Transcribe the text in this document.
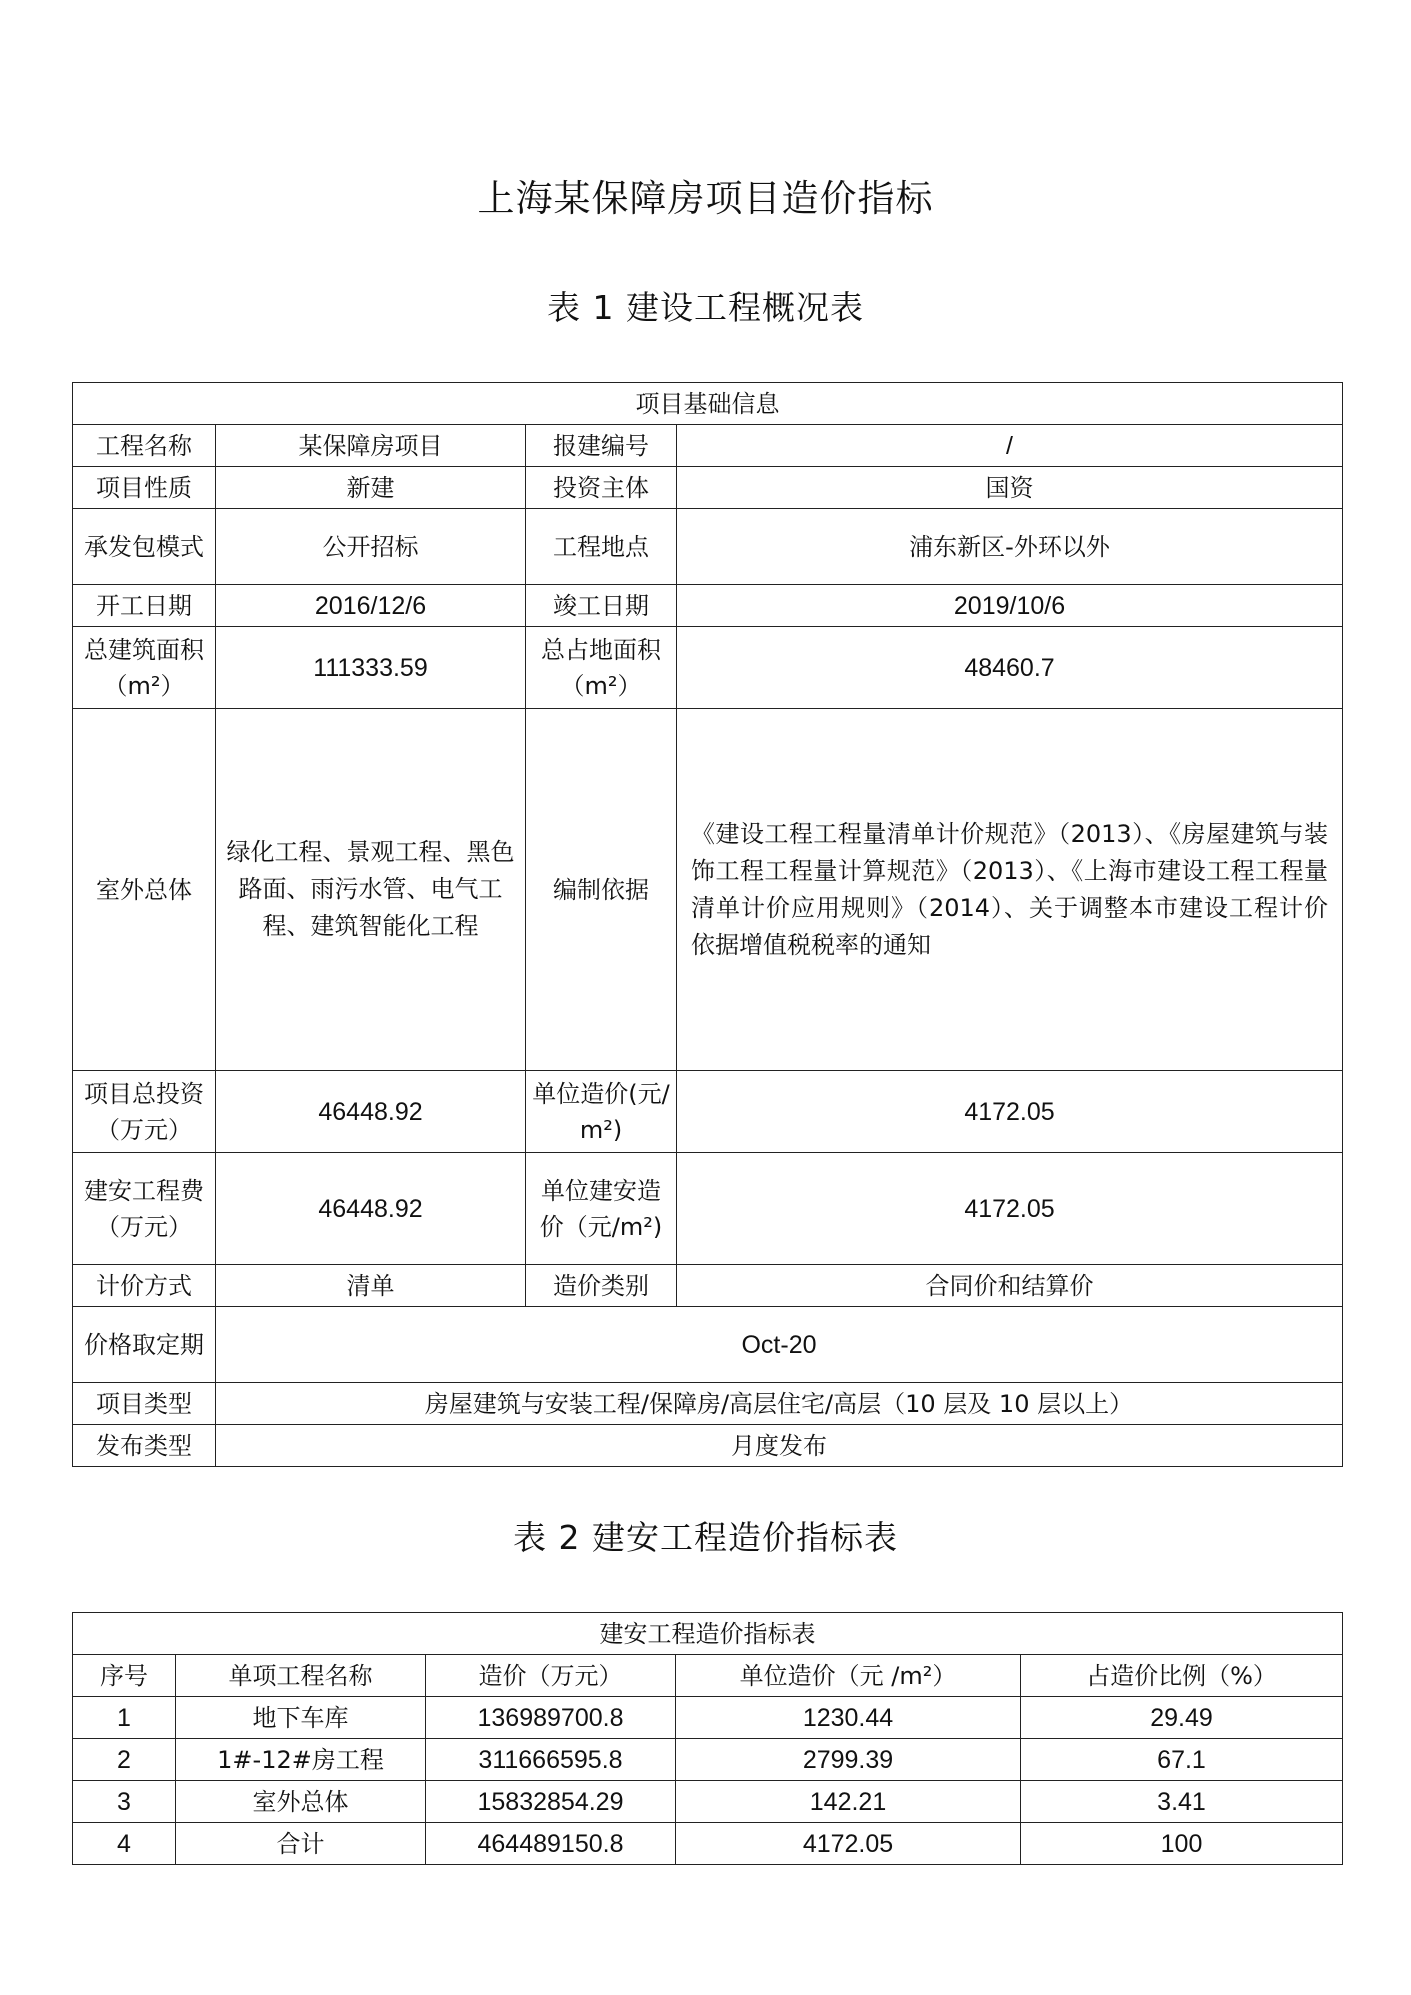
上海某保障房项目造价指标
表 1 建设工程概况表
项目基础信息			
工程名称	某保障房项目	报建编号	/
项目性质	新建	投资主体	国资
承发包模式	公开招标	工程地点	浦东新区-外环以外
开工日期	2016/12/6	竣工日期	2019/10/6
总建筑面积（m²）	111333.59	总占地面积（m²）	48460.7
室外总体	绿化工程、景观工程、黑色路面、雨污水管、电气工程、建筑智能化工程	编制依据	《建设工程工程量清单计价规范》（2013）、《房屋建筑与装饰工程工程量计算规范》（2013）、《上海市建设工程工程量清单计价应用规则》（2014）、关于调整本市建设工程计价依据增值税税率的通知
项目总投资（万元）	46448.92	单位造价(元/m²)	4172.05
建安工程费（万元）	46448.92	单位建安造价（元/m²)	4172.05
计价方式	清单	造价类别	合同价和结算价
价格取定期	Oct-20		
项目类型	房屋建筑与安装工程/保障房/高层住宅/高层（10 层及 10 层以上）		
发布类型	月度发布		
表 2 建安工程造价指标表
建安工程造价指标表				
序号	单项工程名称	造价（万元）	单位造价（元 /m²）	占造价比例（%）
1	地下车库	136989700.8	1230.44	29.49
2	1#-12#房工程	311666595.8	2799.39	67.1
3	室外总体	15832854.29	142.21	3.41
4	合计	464489150.8	4172.05	100
